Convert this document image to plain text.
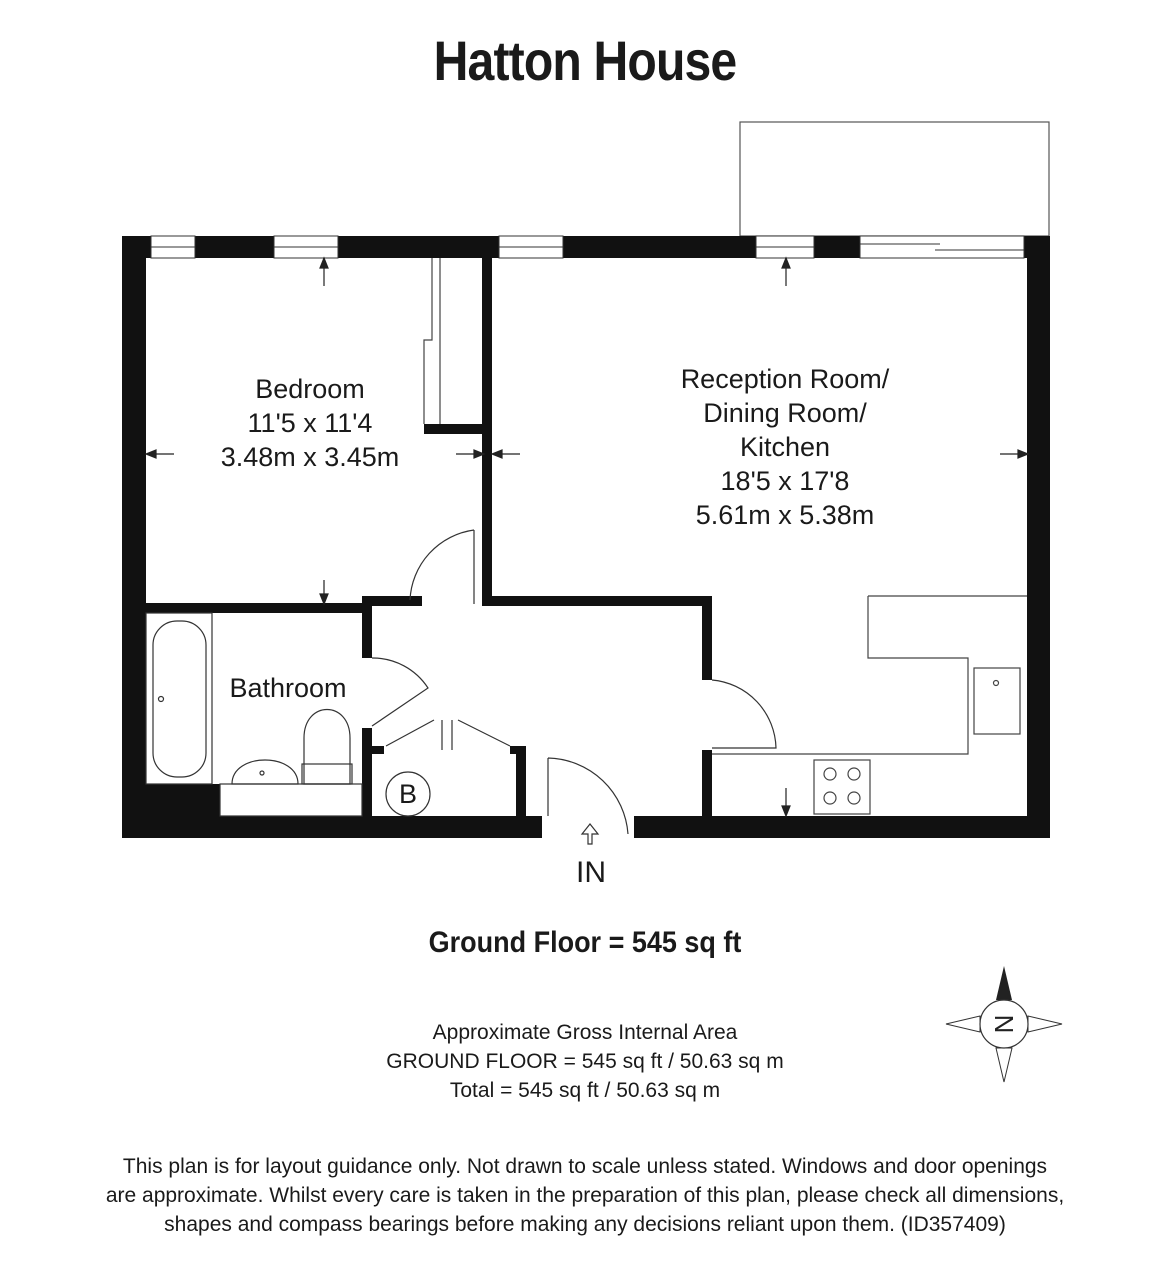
Hatton House
B
IN
Bedroom
11'5 x 11'4
3.48m x 3.45m
Reception Room/
Dining Room/
Kitchen
18'5 x 17'8
5.61m x 5.38m
Bathroom
N
Ground Floor = 545 sq ft
Approximate Gross Internal Area
GROUND FLOOR = 545 sq ft / 50.63 sq m
Total = 545 sq ft / 50.63 sq m
This plan is for layout guidance only. Not drawn to scale unless stated. Windows and door openings
are approximate. Whilst every care is taken in the preparation of this plan, please check all dimensions,
shapes and compass bearings before making any decisions reliant upon them. (ID357409)
